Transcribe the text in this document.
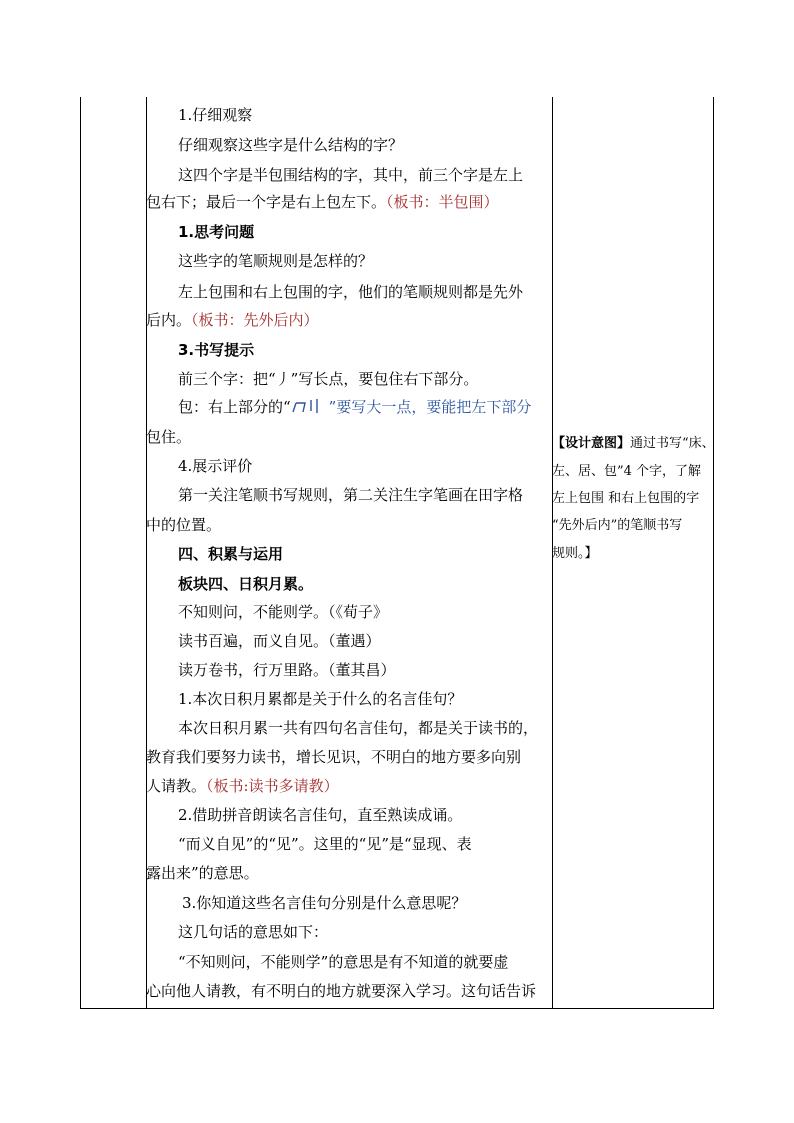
1.仔细观察
仔细观察这些字是什么结构的字？
这四个字是半包围结构的字，其中，前三个字是左上
包右下；最后一个字是右上包左下。（板书：半包围）
1.思考问题
这些字的笔顺规则是怎样的？
左上包围和右上包围的字，他们的笔顺规则都是先外
后内。（板书：先外后内）
3.书写提示
前三个字：把“丿”写长点，要包住右下部分。
包：右上部分的“	”要写大一点，要能把左下部分
包住。
4.展示评价
第一关注笔顺书写规则，第二关注生字笔画在田字格
中的位置。
四、积累与运用
板块四、日积月累。
不知则问，不能则学。（《荀子》
读书百遍，而义自见。（董遇）
读万卷书，行万里路。（董其昌）
1.本次日积月累都是关于什么的名言佳句？
本次日积月累一共有四句名言佳句，都是关于读书的，
教育我们要努力读书，增长见识，不明白的地方要多向别
人请教。（板书:读书多请教）
2.借助拼音朗读名言佳句，直至熟读成诵。
“而义自见”的“见”。这里的“见”是“显现、表
露出来”的意思。
3.你知道这些名言佳句分别是什么意思呢？
这几句话的意思如下：
“不知则问，不能则学”的意思是有不知道的就要虚
心向他人请教，有不明白的地方就要深入学习。这句话告诉
【设计意图】通过书写“床、
左、居、包”4 个字，了解
左上包围 和右上包围的字
“先外后内”的笔顺书写
规则。】
